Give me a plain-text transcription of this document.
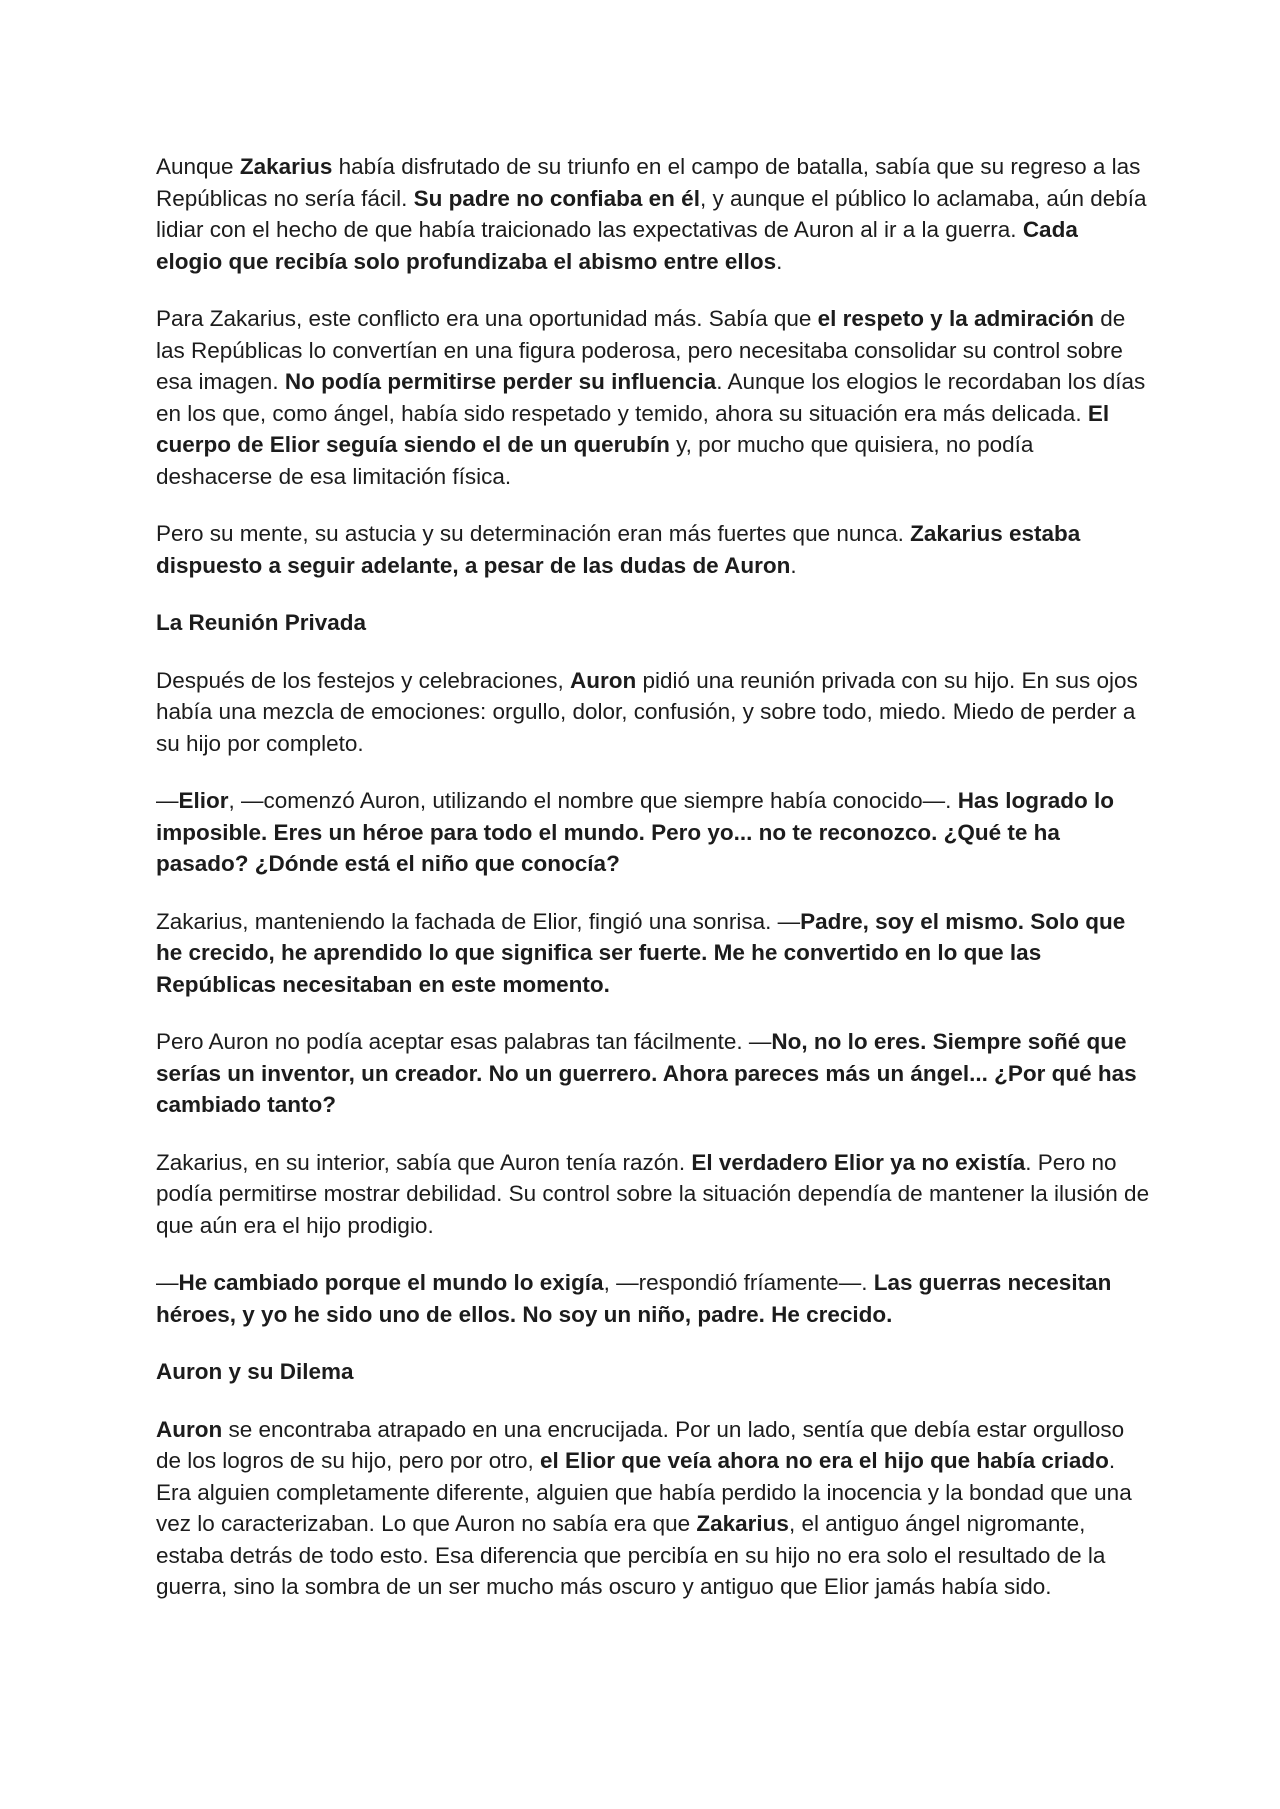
Aunque Zakarius había disfrutado de su triunfo en el campo de batalla, sabía que su regreso a las Repúblicas no sería fácil. Su padre no confiaba en él, y aunque el público lo aclamaba, aún debía lidiar con el hecho de que había traicionado las expectativas de Auron al ir a la guerra. Cada elogio que recibía solo profundizaba el abismo entre ellos.

Para Zakarius, este conflicto era una oportunidad más. Sabía que el respeto y la admiración de las Repúblicas lo convertían en una figura poderosa, pero necesitaba consolidar su control sobre esa imagen. No podía permitirse perder su influencia. Aunque los elogios le recordaban los días en los que, como ángel, había sido respetado y temido, ahora su situación era más delicada. El cuerpo de Elior seguía siendo el de un querubín y, por mucho que quisiera, no podía deshacerse de esa limitación física.

Pero su mente, su astucia y su determinación eran más fuertes que nunca. Zakarius estaba dispuesto a seguir adelante, a pesar de las dudas de Auron.

La Reunión Privada

Después de los festejos y celebraciones, Auron pidió una reunión privada con su hijo. En sus ojos había una mezcla de emociones: orgullo, dolor, confusión, y sobre todo, miedo. Miedo de perder a su hijo por completo.

—Elior, —comenzó Auron, utilizando el nombre que siempre había conocido—. Has logrado lo imposible. Eres un héroe para todo el mundo. Pero yo... no te reconozco. ¿Qué te ha pasado? ¿Dónde está el niño que conocía?

Zakarius, manteniendo la fachada de Elior, fingió una sonrisa. —Padre, soy el mismo. Solo que he crecido, he aprendido lo que significa ser fuerte. Me he convertido en lo que las Repúblicas necesitaban en este momento.

Pero Auron no podía aceptar esas palabras tan fácilmente. —No, no lo eres. Siempre soñé que serías un inventor, un creador. No un guerrero. Ahora pareces más un ángel... ¿Por qué has cambiado tanto?

Zakarius, en su interior, sabía que Auron tenía razón. El verdadero Elior ya no existía. Pero no podía permitirse mostrar debilidad. Su control sobre la situación dependía de mantener la ilusión de que aún era el hijo prodigio.

—He cambiado porque el mundo lo exigía, —respondió fríamente—. Las guerras necesitan héroes, y yo he sido uno de ellos. No soy un niño, padre. He crecido.

Auron y su Dilema

Auron se encontraba atrapado en una encrucijada. Por un lado, sentía que debía estar orgulloso de los logros de su hijo, pero por otro, el Elior que veía ahora no era el hijo que había criado. Era alguien completamente diferente, alguien que había perdido la inocencia y la bondad que una vez lo caracterizaban. Lo que Auron no sabía era que Zakarius, el antiguo ángel nigromante, estaba detrás de todo esto. Esa diferencia que percibía en su hijo no era solo el resultado de la guerra, sino la sombra de un ser mucho más oscuro y antiguo que Elior jamás había sido.
